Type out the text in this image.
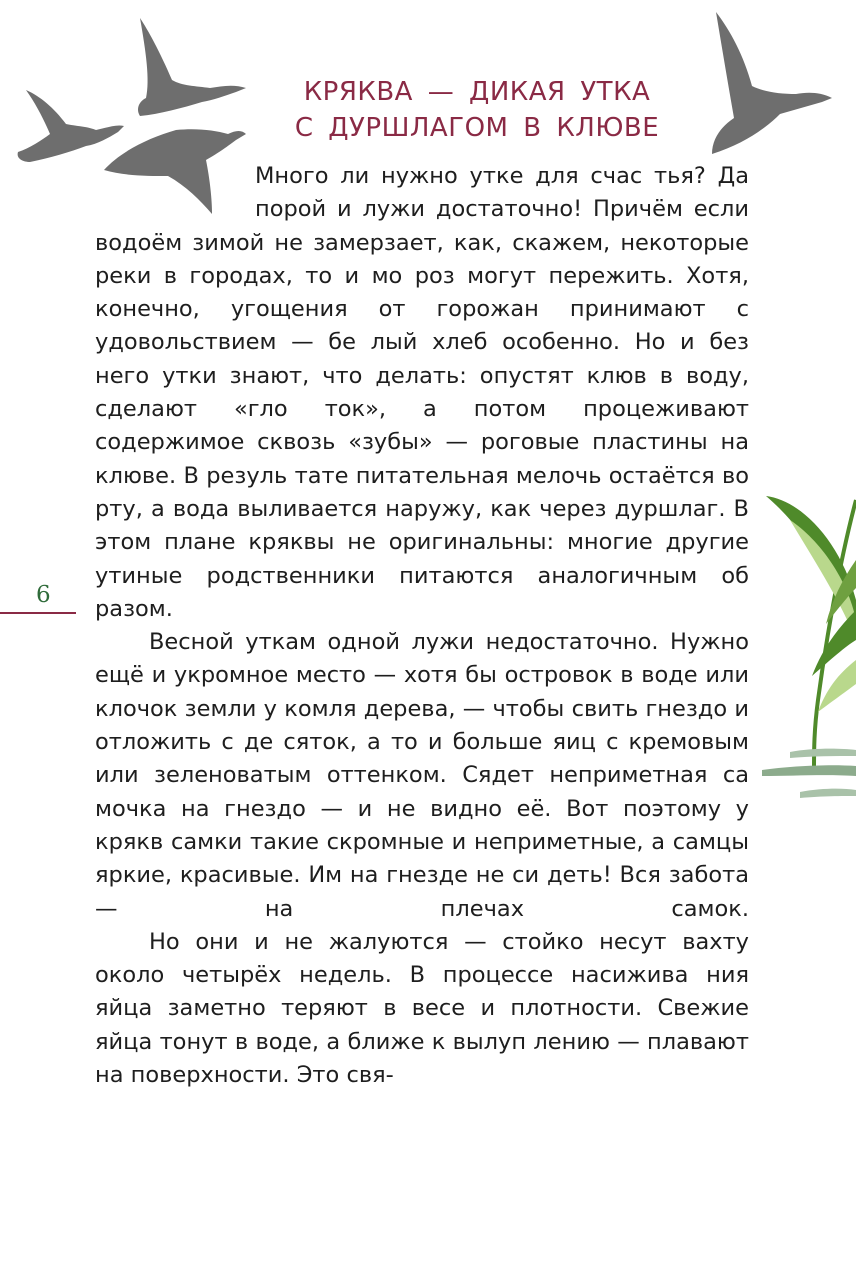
КРЯКВА — ДИКАЯ УТКА
С ДУРШЛАГОМ В КЛЮВЕ

Много ли нужно утке для счас тья? Да порой и лужи достаточно! Причём если водоём зимой не замерзает, как, скажем, некоторые реки в городах, то и мо роз могут пережить. Хотя, конечно, угощения от горожан принимают с удовольствием — бе лый хлеб особенно. Но и без него утки знают, что делать: опустят клюв в воду, сделают «гло ток», а потом процеживают содержимое сквозь «зубы» — роговые пластины на клюве. В резуль тате питательная мелочь остаётся во рту, а вода выливается наружу, как через дуршлаг. В этом плане кряквы не оригинальны: многие другие утиные родственники питаются аналогичным об разом.

Весной уткам одной лужи недостаточно. Нужно ещё и укромное место — хотя бы островок в воде или клочок земли у комля дерева, — чтобы свить гнездо и отложить с де сяток, а то и больше яиц с кремовым или зеленоватым оттенком. Сядет неприметная са мочка на гнездо — и не видно её. Вот поэтому у крякв самки такие скромные и неприметные, а самцы яркие, красивые. Им на гнезде не си деть! Вся забота — на плечах самок.

Но они и не жалуются — стойко несут вахту около четырёх недель. В процессе насижива ния яйца заметно теряют в весе и плотности. Свежие яйца тонут в воде, а ближе к вылуп лению — плавают на поверхности. Это свя-

6
